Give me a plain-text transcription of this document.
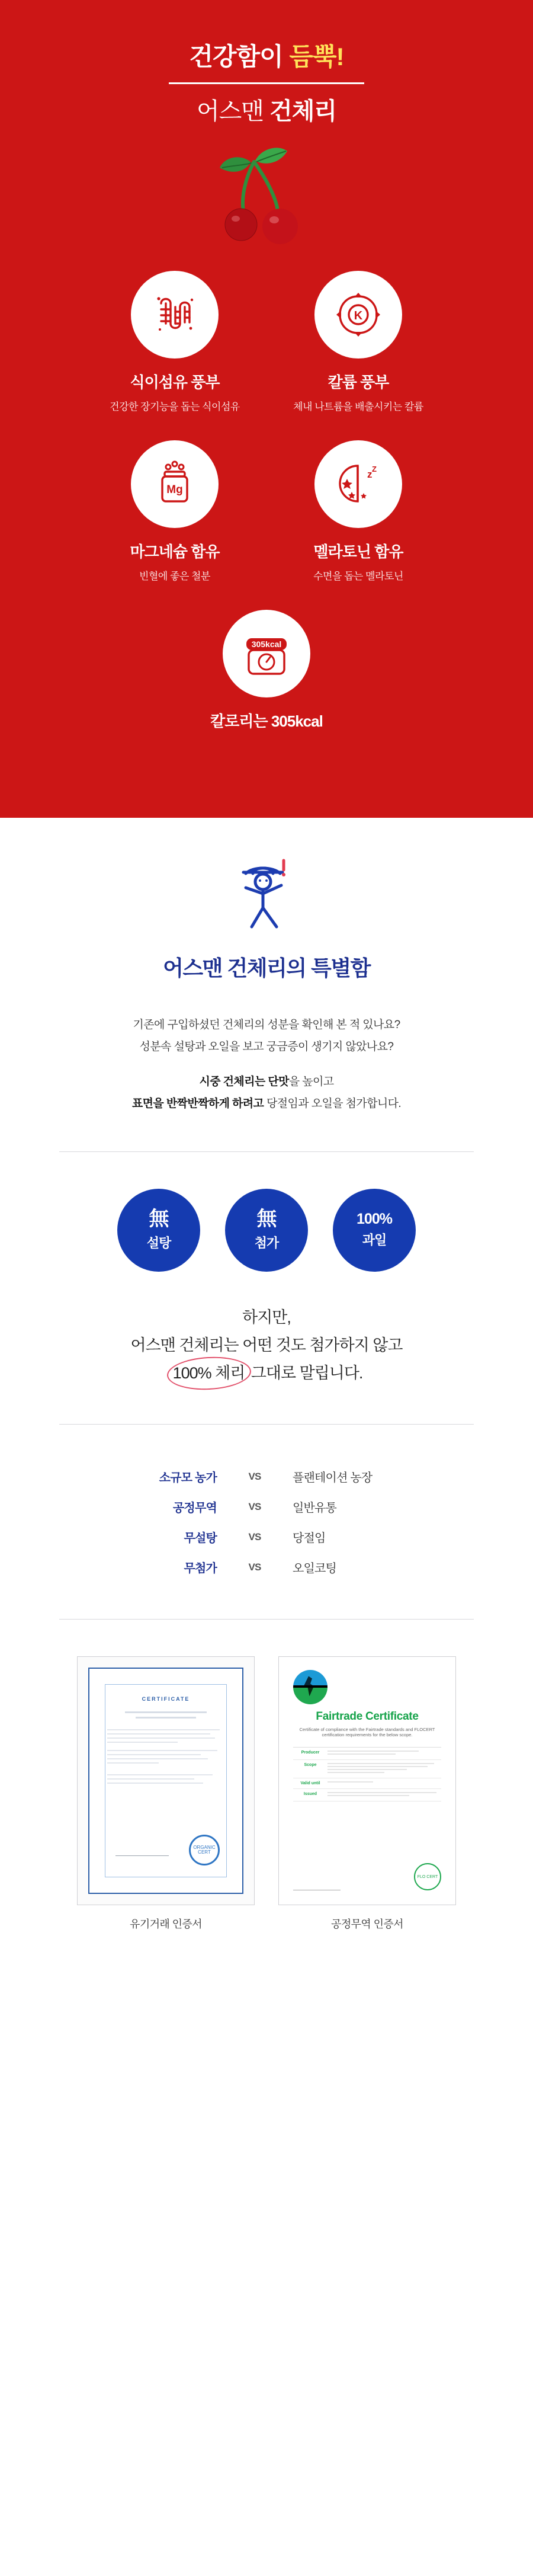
건강함이 듬뿍!
어스맨 건체리
식이섬유 풍부
건강한 장기능을 돕는 식이섬유
K
칼륨 풍부
체내 나트륨을 배출시키는 칼륨
Mg
마그네슘 함유
빈혈에 좋은 철분
z Z
멜라토닌 함유
수면을 돕는 멜라토닌
305kcal
칼로리는 305kcal
어스맨 건체리의 특별함
기존에 구입하셨던 건체리의 성분을 확인해 본 적 있나요?
성분속 설탕과 오일을 보고 궁금증이 생기지 않았나요?
시중 건체리는 단맛을 높이고
표면을 반짝반짝하게 하려고 당절임과 오일을 첨가합니다.
無
설탕
無
첨가
100%
과일
하지만,
어스맨 건체리는 어떤 것도 첨가하지 않고
100% 체리 그대로 말립니다.
소규모 농가	VS	플랜테이션 농장
공정무역	VS	일반유통
무설탕	VS	당절임
무첨가	VS	오일코팅
CERTIFICATE
ORGANIC CERT
유기거래 인증서
Fairtrade Certificate
Certificate of compliance with the Fairtrade standards and FLOCERT certification requirements for the below scope.
Producer
Scope
Valid until
Issued
FLO CERT
공정무역 인증서
